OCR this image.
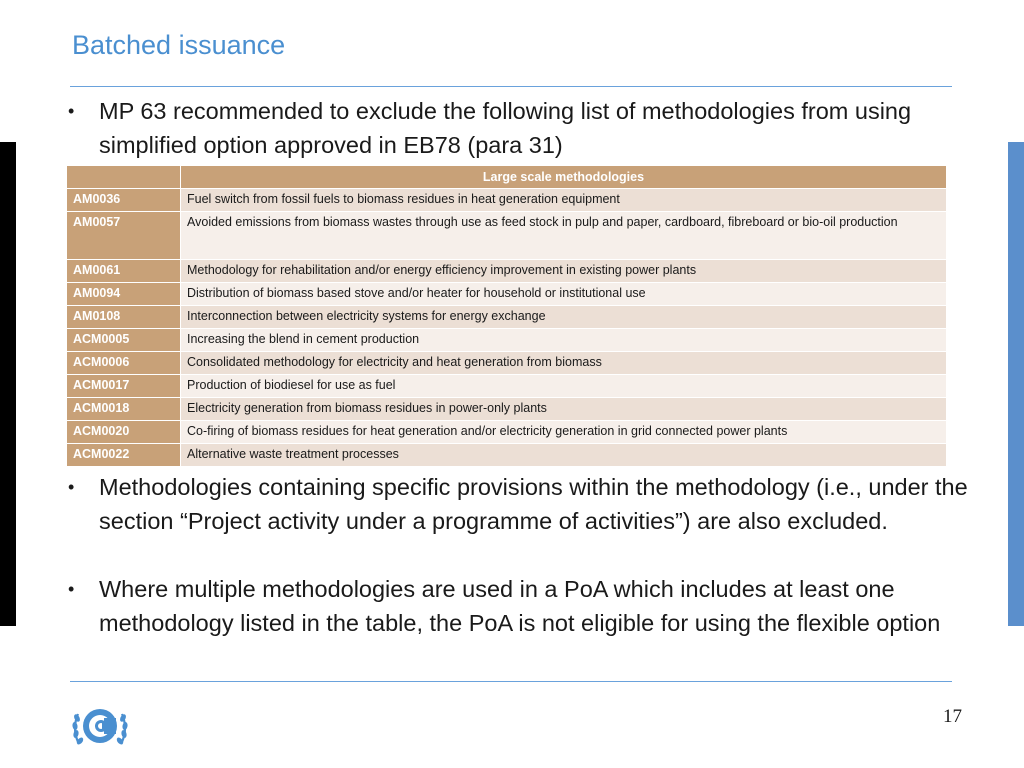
Batched issuance
•	MP 63 recommended to exclude the following list of methodologies from using simplified option approved in EB78 (para 31)
	Large scale methodologies
AM0036	Fuel switch from fossil fuels to biomass residues in heat generation equipment
AM0057	Avoided emissions from biomass wastes through use as feed stock in pulp and paper, cardboard, fibreboard or bio-oil production
AM0061	Methodology for rehabilitation and/or energy efficiency improvement in existing power plants
AM0094	Distribution of biomass based stove and/or heater for household or institutional use
AM0108	Interconnection between electricity systems for energy exchange
ACM0005	Increasing the blend in cement production
ACM0006	Consolidated methodology for electricity and heat generation from biomass
ACM0017	Production of biodiesel for use as fuel
ACM0018	Electricity generation from biomass residues in power-only plants
ACM0020	Co-firing of biomass residues for heat generation and/or electricity generation in grid connected power plants
ACM0022	Alternative waste treatment processes
•	Methodologies containing specific provisions within the methodology (i.e., under the section “Project activity under a programme of activities”) are also excluded.
•	Where multiple methodologies are used in a PoA which includes at least one methodology listed in the table, the PoA is not eligible for using the flexible option
17
